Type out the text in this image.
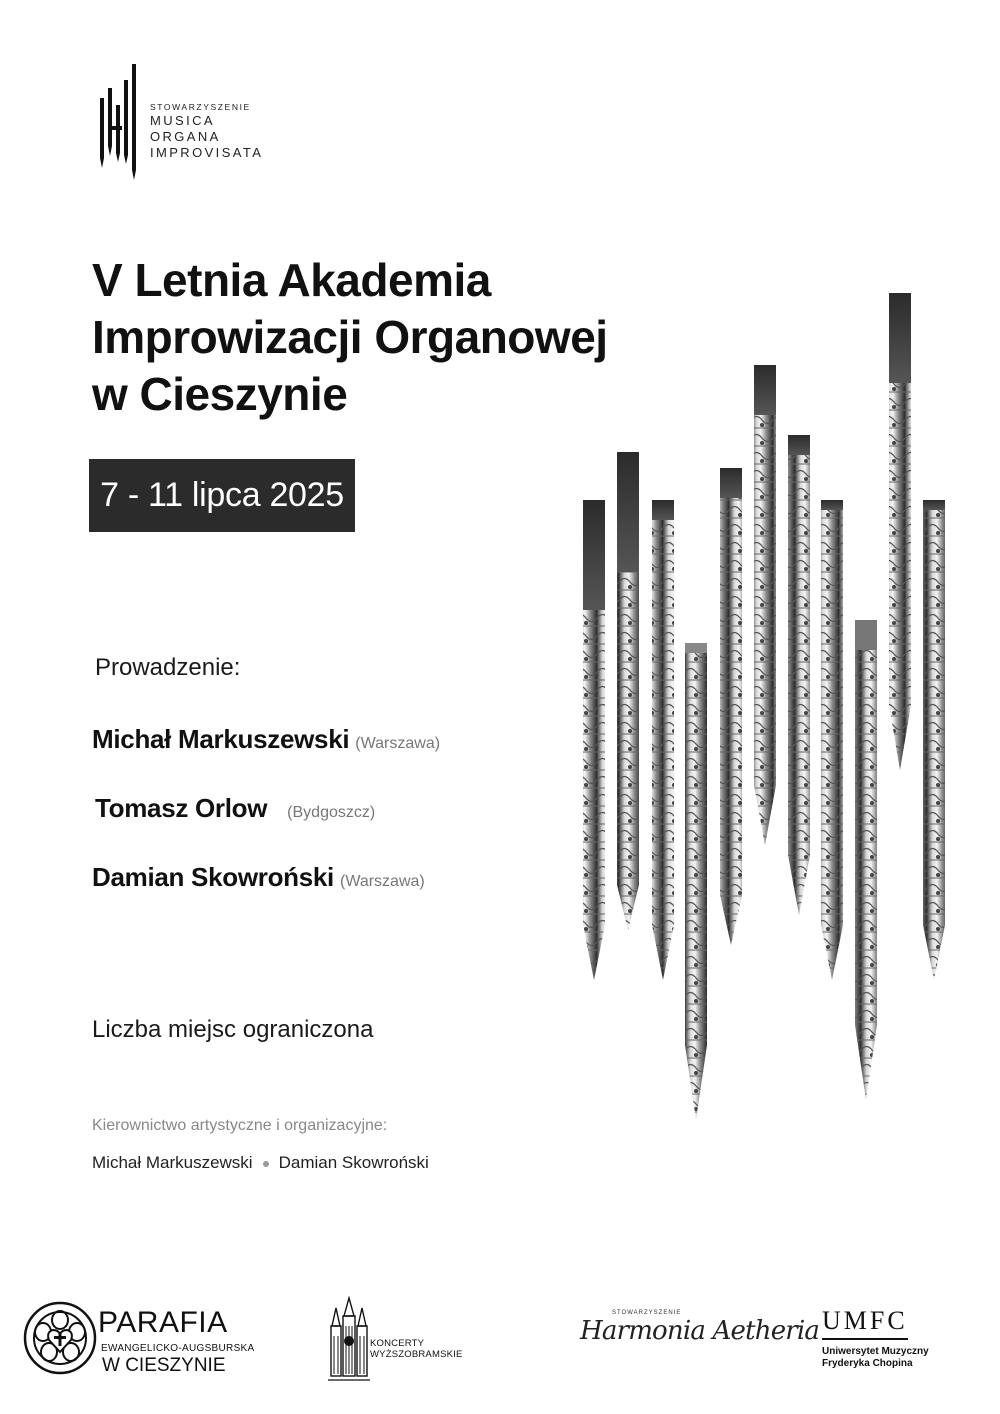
STOWARZYSZENIE
MUSICA
ORGANA
IMPROVISATA
V Letnia Akademia
Improwizacji Organowej
w Cieszynie
7 - 11 lipca 2025
Prowadzenie:
Michał Markuszewski (Warszawa)
Tomasz Orlow (Bydgoszcz)
Damian Skowroński (Warszawa)
Liczba miejsc ograniczona
Kierownictwo artystyczne i organizacyjne:
Michał Markuszewski Damian Skowroński
PARAFIA
EWANGELICKO-AUGSBURSKA
W CIESZYNIE
KONCERTY
WYŻSZOBRAMSKIE
STOWARZYSZENIE
Harmonia Aetheria UMFC
Uniwersytet Muzyczny
Fryderyka Chopina
